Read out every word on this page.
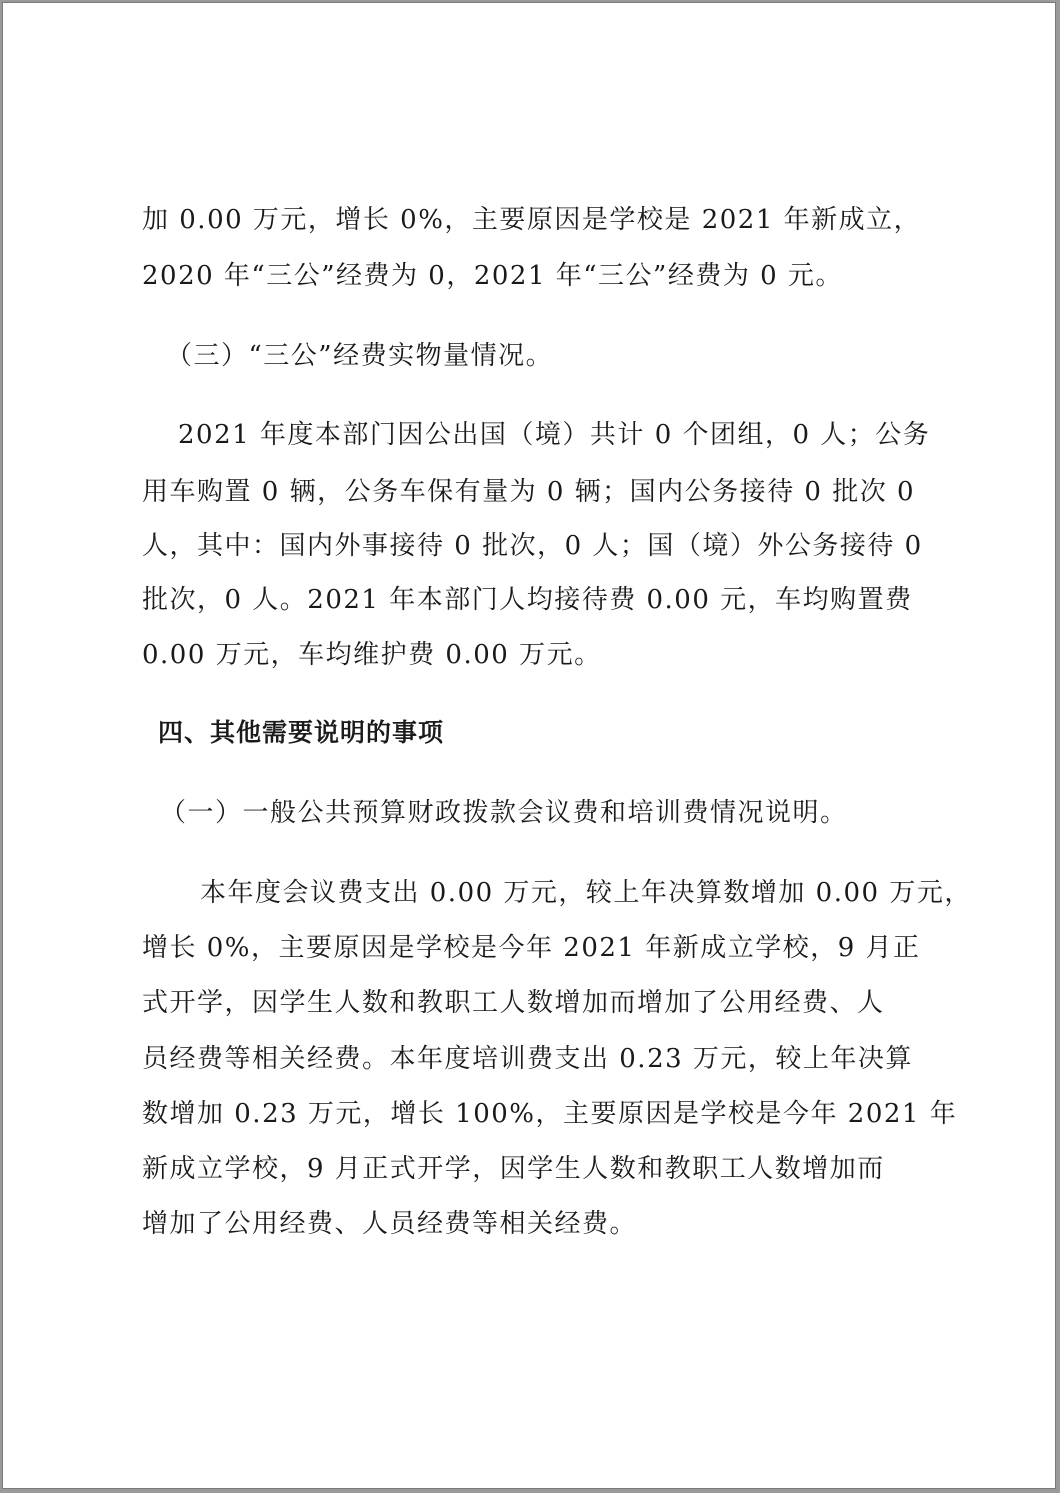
加 0.00 万元，增长 0%，主要原因是学校是 2021 年新成立，

2020 年“三公”经费为 0，2021 年“三公”经费为 0 元。

（三）“三公”经费实物量情况。

2021 年度本部门因公出国（境）共计 0 个团组，0 人；公务

用车购置 0 辆，公务车保有量为 0 辆；国内公务接待 0 批次 0

人，其中：国内外事接待 0 批次，0 人；国（境）外公务接待 0

批次，0 人。2021 年本部门人均接待费 0.00 元，车均购置费

0.00 万元，车均维护费 0.00 万元。

四、其他需要说明的事项

（一）一般公共预算财政拨款会议费和培训费情况说明。

本年度会议费支出 0.00 万元，较上年决算数增加 0.00 万元，

增长 0%，主要原因是学校是今年 2021 年新成立学校，9 月正

式开学，因学生人数和教职工人数增加而增加了公用经费、人

员经费等相关经费。本年度培训费支出 0.23 万元，较上年决算

数增加 0.23 万元，增长 100%，主要原因是学校是今年 2021 年

新成立学校，9 月正式开学，因学生人数和教职工人数增加而

增加了公用经费、人员经费等相关经费。
